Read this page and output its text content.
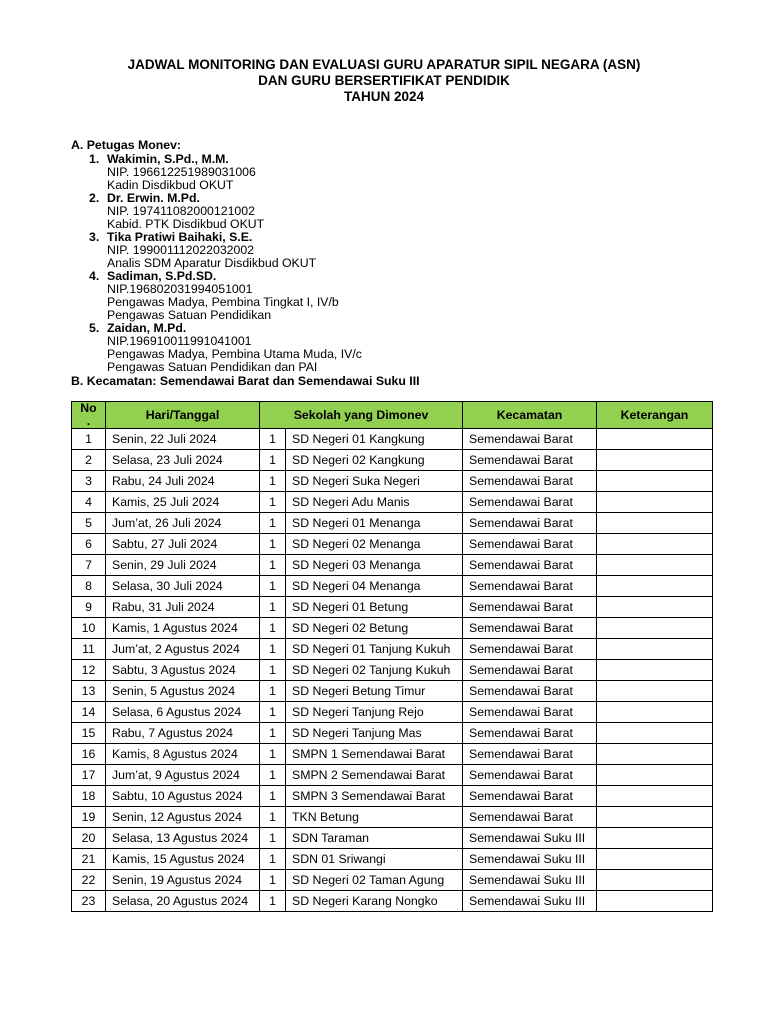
JADWAL MONITORING DAN EVALUASI GURU APARATUR SIPIL NEGARA (ASN)
DAN GURU BERSERTIFIKAT PENDIDIK
TAHUN 2024
A. Petugas Monev:
1. Wakimin, S.Pd., M.M.
NIP. 196612251989031006
Kadin Disdikbud OKUT
2. Dr. Erwin. M.Pd.
NIP. 197411082000121002
Kabid. PTK Disdikbud OKUT
3. Tika Pratiwi Baihaki, S.E.
NIP. 199001112022032002
Analis SDM Aparatur Disdikbud OKUT
4. Sadiman, S.Pd.SD.
NIP.196802031994051001
Pengawas Madya, Pembina Tingkat I, IV/b
Pengawas Satuan Pendidikan
5. Zaidan, M.Pd.
NIP.196910011991041001
Pengawas Madya, Pembina Utama Muda, IV/c
Pengawas Satuan Pendidikan dan PAI
B. Kecamatan: Semendawai Barat dan Semendawai Suku III
No
.	Hari/Tanggal	Sekolah yang Dimonev		Kecamatan	Keterangan
1	Senin, 22 Juli 2024	1	SD Negeri 01 Kangkung	Semendawai Barat	
2	Selasa, 23 Juli 2024	1	SD Negeri 02 Kangkung	Semendawai Barat	
3	Rabu, 24 Juli 2024	1	SD Negeri Suka Negeri	Semendawai Barat	
4	Kamis, 25 Juli 2024	1	SD Negeri Adu Manis	Semendawai Barat	
5	Jum’at, 26 Juli 2024	1	SD Negeri 01 Menanga	Semendawai Barat	
6	Sabtu, 27 Juli 2024	1	SD Negeri 02 Menanga	Semendawai Barat	
7	Senin, 29 Juli 2024	1	SD Negeri 03 Menanga	Semendawai Barat	
8	Selasa, 30 Juli 2024	1	SD Negeri 04 Menanga	Semendawai Barat	
9	Rabu, 31 Juli 2024	1	SD Negeri 01 Betung	Semendawai Barat	
10	Kamis, 1 Agustus 2024	1	SD Negeri 02 Betung	Semendawai Barat	
11	Jum’at, 2 Agustus 2024	1	SD Negeri 01 Tanjung Kukuh	Semendawai Barat	
12	Sabtu, 3 Agustus 2024	1	SD Negeri 02 Tanjung Kukuh	Semendawai Barat	
13	Senin, 5 Agustus 2024	1	SD Negeri Betung Timur	Semendawai Barat	
14	Selasa, 6 Agustus 2024	1	SD Negeri Tanjung Rejo	Semendawai Barat	
15	Rabu, 7 Agustus 2024	1	SD Negeri Tanjung Mas	Semendawai Barat	
16	Kamis, 8 Agustus 2024	1	SMPN 1 Semendawai Barat	Semendawai Barat	
17	Jum’at, 9 Agustus 2024	1	SMPN 2 Semendawai Barat	Semendawai Barat	
18	Sabtu, 10 Agustus 2024	1	SMPN 3 Semendawai Barat	Semendawai Barat	
19	Senin, 12 Agustus 2024	1	TKN Betung	Semendawai Barat	
20	Selasa, 13 Agustus 2024	1	SDN Taraman	Semendawai Suku III	
21	Kamis, 15 Agustus 2024	1	SDN 01 Sriwangi	Semendawai Suku III	
22	Senin, 19 Agustus 2024	1	SD Negeri 02 Taman Agung	Semendawai Suku III	
23	Selasa, 20 Agustus 2024	1	SD Negeri Karang Nongko	Semendawai Suku III	
